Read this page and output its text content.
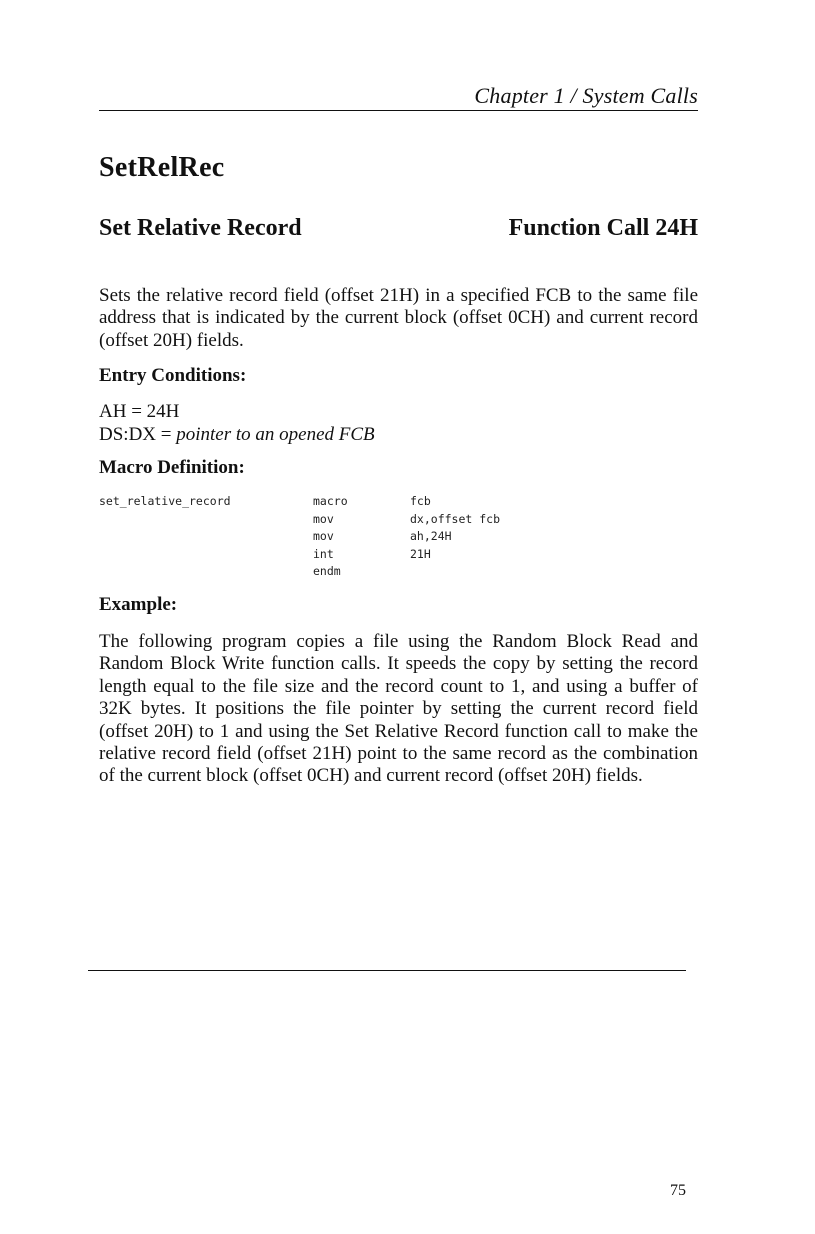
Chapter 1 / System Calls
SetRelRec
Set Relative Record	Function Call 24H
Sets the relative record field (offset 21H) in a specified FCB to the same file address that is indicated by the current block (offset 0CH) and current record (offset 20H) fields.
Entry Conditions:
AH = 24H
DS:DX = pointer to an opened FCB
Macro Definition:
set_relative_record	macro
mov
mov
int
endm
fcb
dx,offset fcb
ah,24H
21H
Example:
The following program copies a file using the Random Block Read and Random Block Write function calls. It speeds the copy by setting the record length equal to the file size and the record count to 1, and using a buffer of 32K bytes. It positions the file pointer by setting the current record field (offset 20H) to 1 and using the Set Relative Record function call to make the relative record field (offset 21H) point to the same record as the combination of the current block (offset 0CH) and current record (offset 20H) fields.
75
